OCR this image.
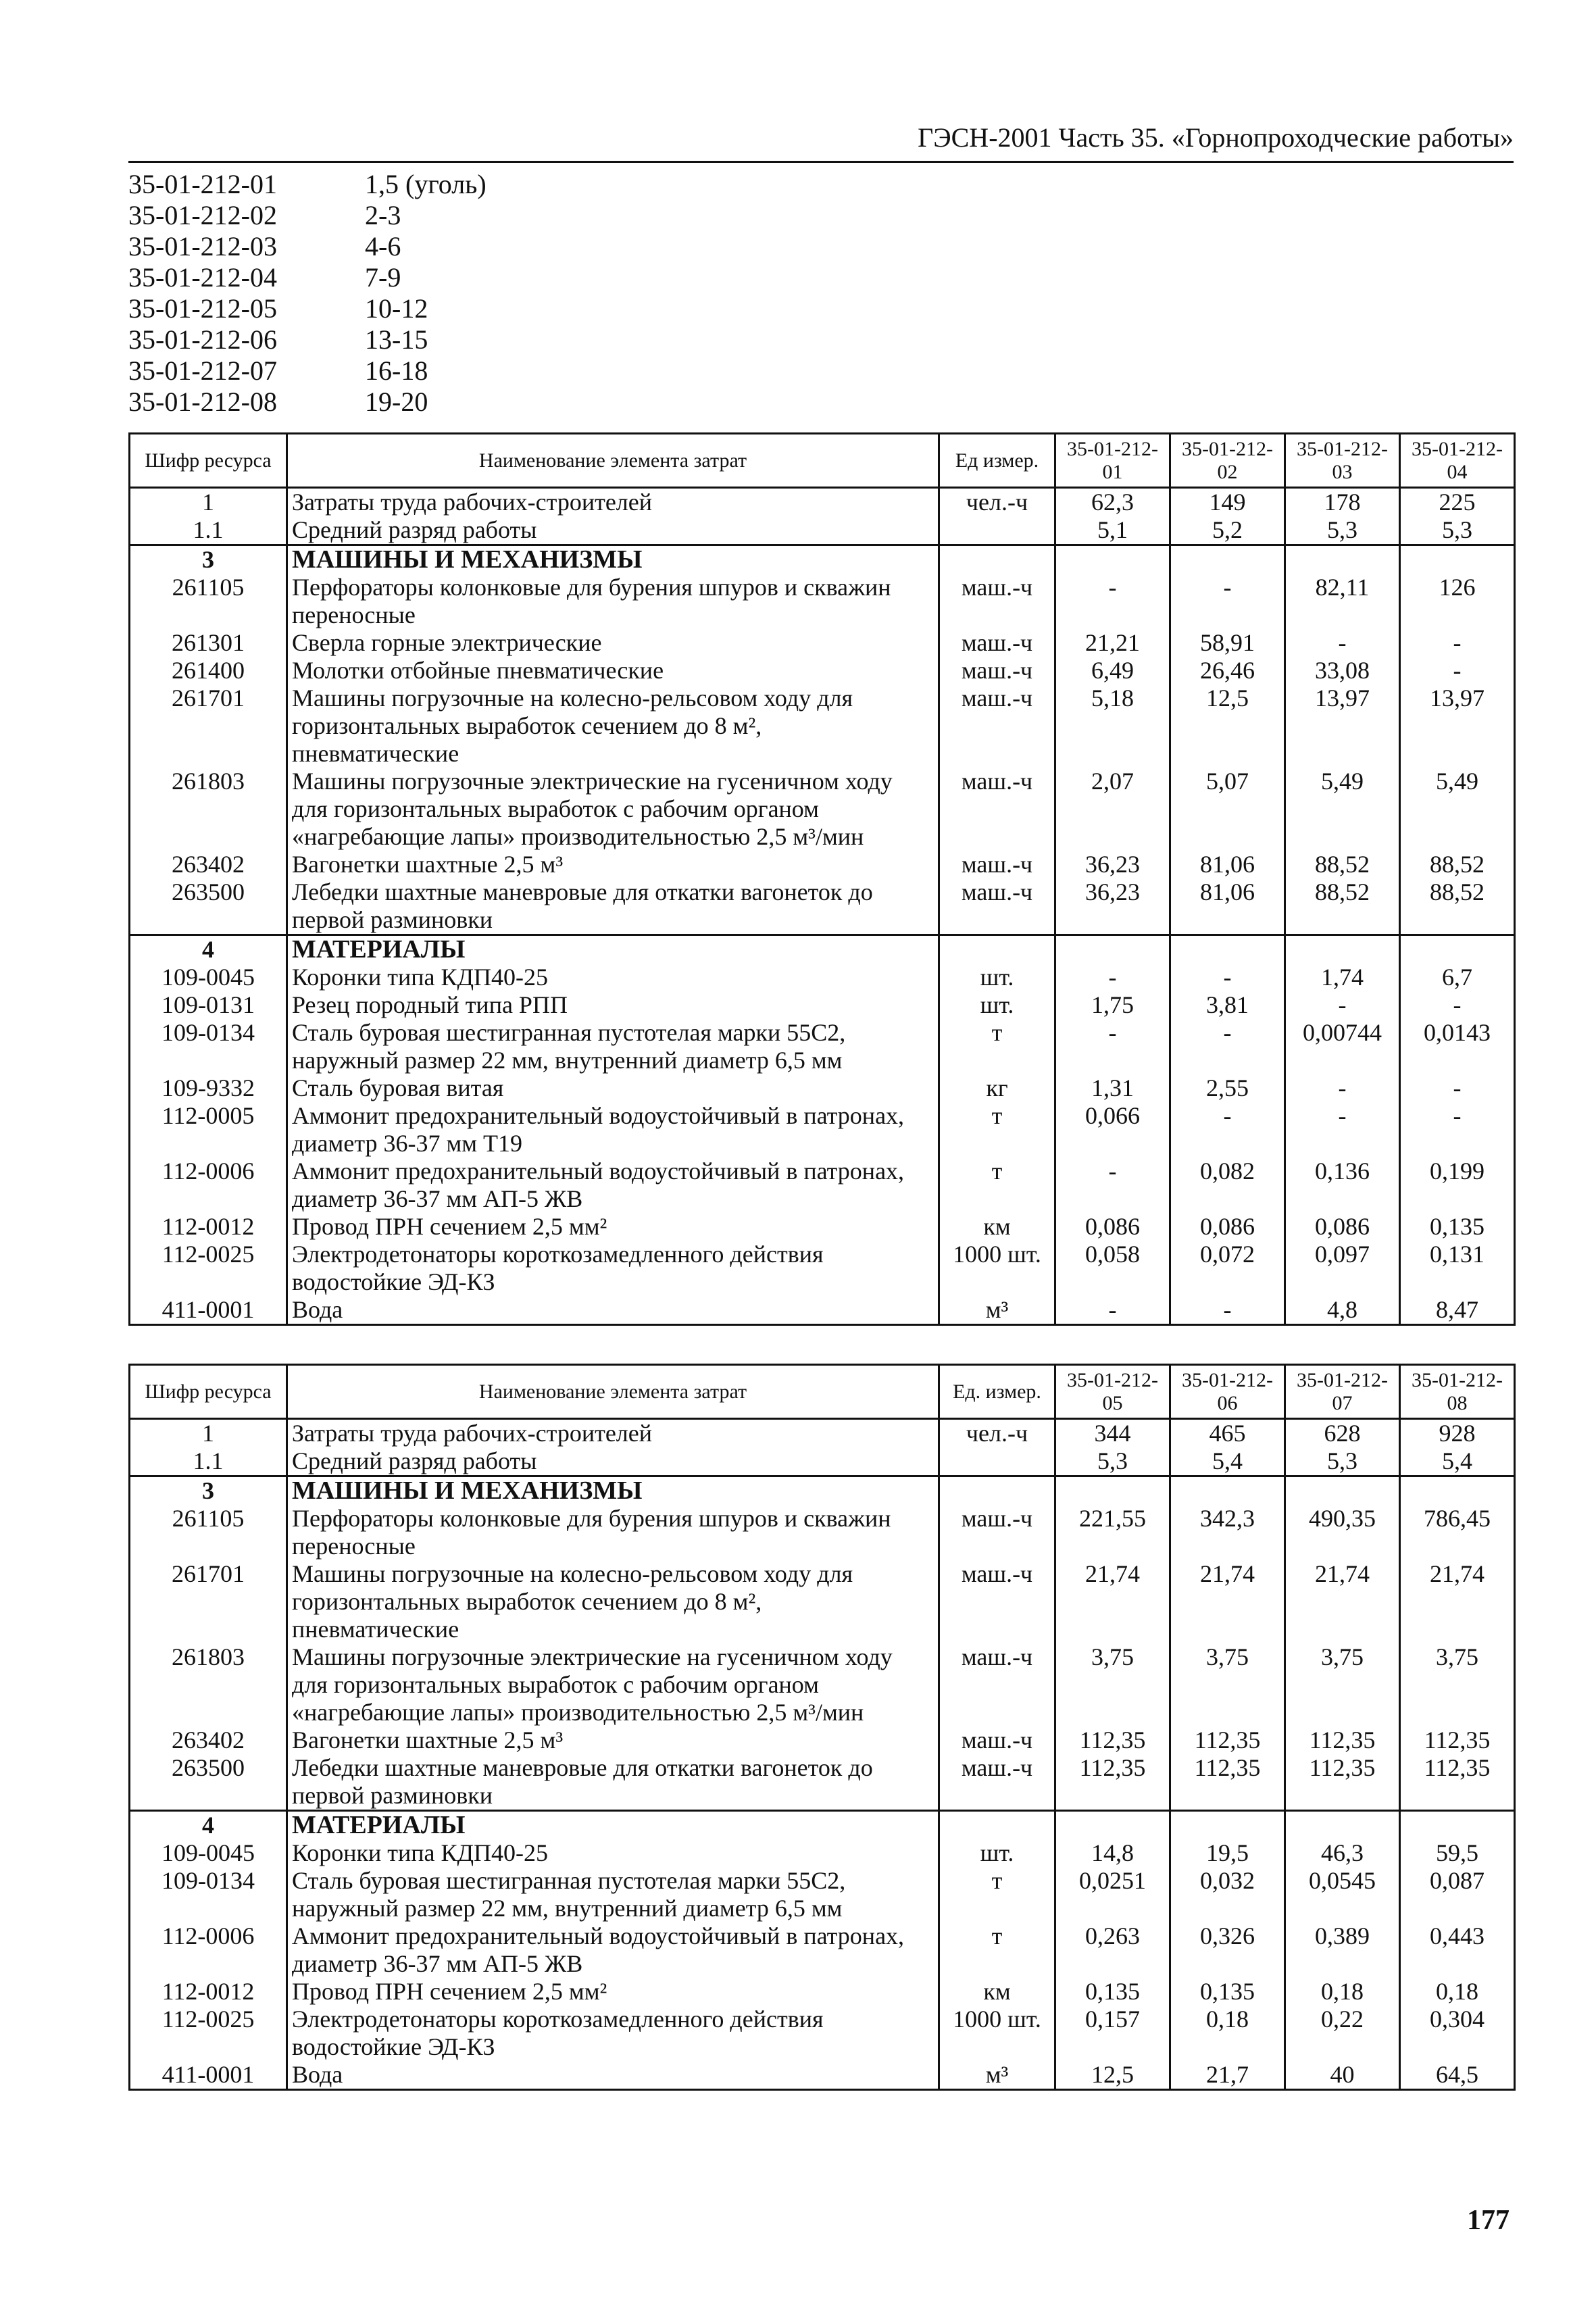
ГЭСН-2001 Часть 35. «Горнопроходческие работы»
35-01-212-01	1,5 (уголь)
35-01-212-02	2-3
35-01-212-03	4-6
35-01-212-04	7-9
35-01-212-05	10-12
35-01-212-06	13-15
35-01-212-07	16-18
35-01-212-08	19-20
Шифр ресурса	Наименование элемента затрат	Ед измер.	35-01-212-01	35-01-212-02	35-01-212-03	35-01-212-04
1	Затраты труда рабочих-строителей	чел.-ч	62,3	149	178	225
1.1	Средний разряд работы		5,1	5,2	5,3	5,3
3	МАШИНЫ И МЕХАНИЗМЫ					
261105	Перфораторы колонковые для бурения шпуров и скважин переносные	маш.-ч	-	-	82,11	126
261301	Сверла горные электрические	маш.-ч	21,21	58,91	-	-
261400	Молотки отбойные пневматические	маш.-ч	6,49	26,46	33,08	-
261701	Машины погрузочные на колесно-рельсовом ходу для горизонтальных выработок сечением до 8 м², пневматические	маш.-ч	5,18	12,5	13,97	13,97
261803	Машины погрузочные электрические на гусеничном ходу для горизонтальных выработок с рабочим органом «нагребающие лапы» производительностью 2,5 м³/мин	маш.-ч	2,07	5,07	5,49	5,49
263402	Вагонетки шахтные 2,5 м³	маш.-ч	36,23	81,06	88,52	88,52
263500	Лебедки шахтные маневровые для откатки вагонеток до первой разминовки	маш.-ч	36,23	81,06	88,52	88,52
4	МАТЕРИАЛЫ					
109-0045	Коронки типа КДП40-25	шт.	-	-	1,74	6,7
109-0131	Резец породный типа РПП	шт.	1,75	3,81	-	-
109-0134	Сталь буровая шестигранная пустотелая марки 55С2, наружный размер 22 мм, внутренний диаметр 6,5 мм	т	-	-	0,00744	0,0143
109-9332	Сталь буровая витая	кг	1,31	2,55	-	-
112-0005	Аммонит предохранительный водоустойчивый в патронах, диаметр 36-37 мм Т19	т	0,066	-	-	-
112-0006	Аммонит предохранительный водоустойчивый в патронах, диаметр 36-37 мм АП-5 ЖВ	т	-	0,082	0,136	0,199
112-0012	Провод ПРН сечением 2,5 мм²	км	0,086	0,086	0,086	0,135
112-0025	Электродетонаторы короткозамедленного действия водостойкие ЭД-КЗ	1000 шт.	0,058	0,072	0,097	0,131
411-0001	Вода	м³	-	-	4,8	8,47
Шифр ресурса	Наименование элемента затрат	Ед. измер.	35-01-212-05	35-01-212-06	35-01-212-07	35-01-212-08
1	Затраты труда рабочих-строителей	чел.-ч	344	465	628	928
1.1	Средний разряд работы		5,3	5,4	5,3	5,4
3	МАШИНЫ И МЕХАНИЗМЫ					
261105	Перфораторы колонковые для бурения шпуров и скважин переносные	маш.-ч	221,55	342,3	490,35	786,45
261701	Машины погрузочные на колесно-рельсовом ходу для горизонтальных выработок сечением до 8 м², пневматические	маш.-ч	21,74	21,74	21,74	21,74
261803	Машины погрузочные электрические на гусеничном ходу для горизонтальных выработок с рабочим органом «нагребающие лапы» производительностью 2,5 м³/мин	маш.-ч	3,75	3,75	3,75	3,75
263402	Вагонетки шахтные 2,5 м³	маш.-ч	112,35	112,35	112,35	112,35
263500	Лебедки шахтные маневровые для откатки вагонеток до первой разминовки	маш.-ч	112,35	112,35	112,35	112,35
4	МАТЕРИАЛЫ					
109-0045	Коронки типа КДП40-25	шт.	14,8	19,5	46,3	59,5
109-0134	Сталь буровая шестигранная пустотелая марки 55С2, наружный размер 22 мм, внутренний диаметр 6,5 мм	т	0,0251	0,032	0,0545	0,087
112-0006	Аммонит предохранительный водоустойчивый в патронах, диаметр 36-37 мм АП-5 ЖВ	т	0,263	0,326	0,389	0,443
112-0012	Провод ПРН сечением 2,5 мм²	км	0,135	0,135	0,18	0,18
112-0025	Электродетонаторы короткозамедленного действия водостойкие ЭД-КЗ	1000 шт.	0,157	0,18	0,22	0,304
411-0001	Вода	м³	12,5	21,7	40	64,5
177
